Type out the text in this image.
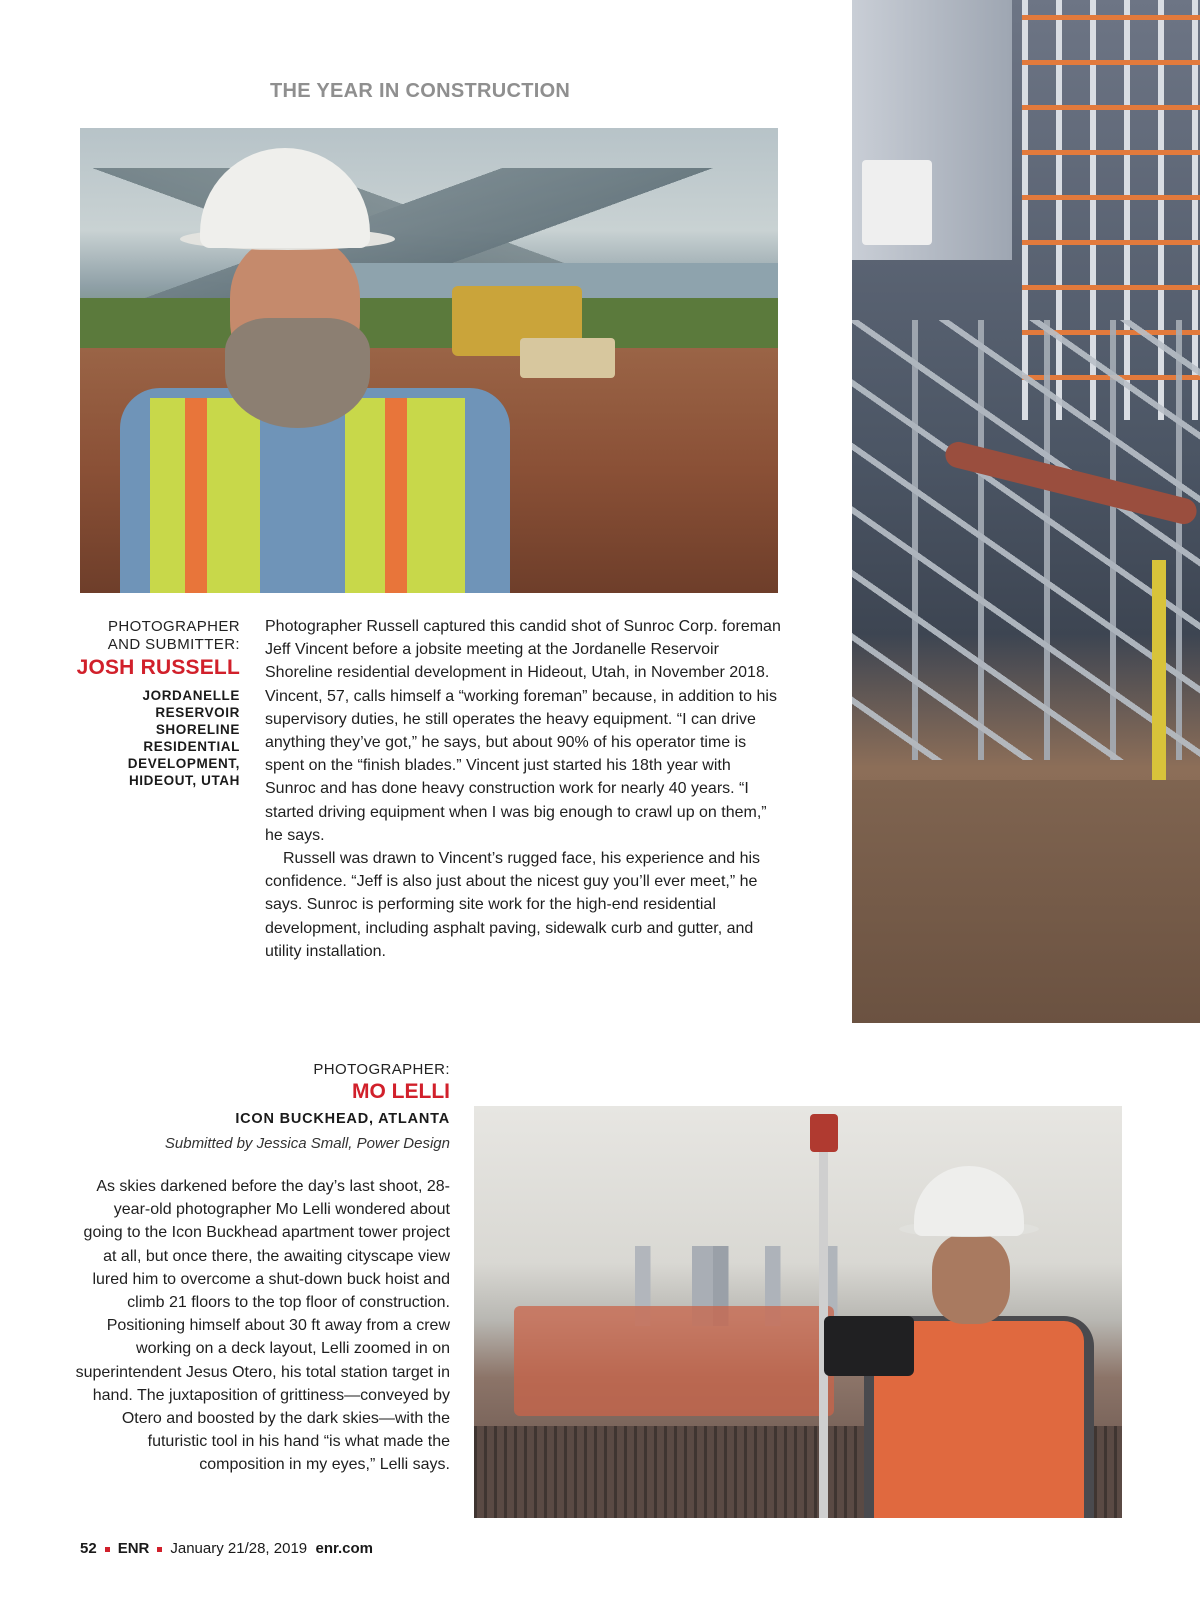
THE YEAR IN CONSTRUCTION
PHOTOGRAPHER AND SUBMITTER:
JOSH RUSSELL
JORDANELLE RESERVOIR SHORELINE RESIDENTIAL DEVELOPMENT, HIDEOUT, UTAH

Photographer Russell captured this candid shot of Sunroc Corp. foreman Jeff Vincent before a jobsite meeting at the Jordanelle Reservoir Shoreline residential development in Hideout, Utah, in November 2018. Vincent, 57, calls himself a “working foreman” because, in addition to his supervisory duties, he still operates the heavy equipment. “I can drive anything they’ve got,” he says, but about 90% of his operator time is spent on the “finish blades.” Vincent just started his 18th year with Sunroc and has done heavy construction work for nearly 40 years. “I started driving equipment when I was big enough to crawl up on them,” he says.

Russell was drawn to Vincent’s rugged face, his experience and his confidence. “Jeff is also just about the nicest guy you’ll ever meet,” he says. Sunroc is performing site work for the high-end residential development, including asphalt paving, sidewalk curb and gutter, and utility installation.

PHOTOGRAPHER:
MO LELLI
ICON BUCKHEAD, ATLANTA
Submitted by Jessica Small, Power Design

As skies darkened before the day’s last shoot, 28-year-old photographer Mo Lelli wondered about going to the Icon Buckhead apartment tower project at all, but once there, the awaiting cityscape view lured him to overcome a shut-down buck hoist and climb 21 floors to the top floor of construction. Positioning himself about 30 ft away from a crew working on a deck layout, Lelli zoomed in on superintendent Jesus Otero, his total station target in hand. The juxtaposition of grittiness—conveyed by Otero and boosted by the dark skies—with the futuristic tool in his hand “is what made the composition in my eyes,” Lelli says.

52 ENR January 21/28, 2019 enr.com
